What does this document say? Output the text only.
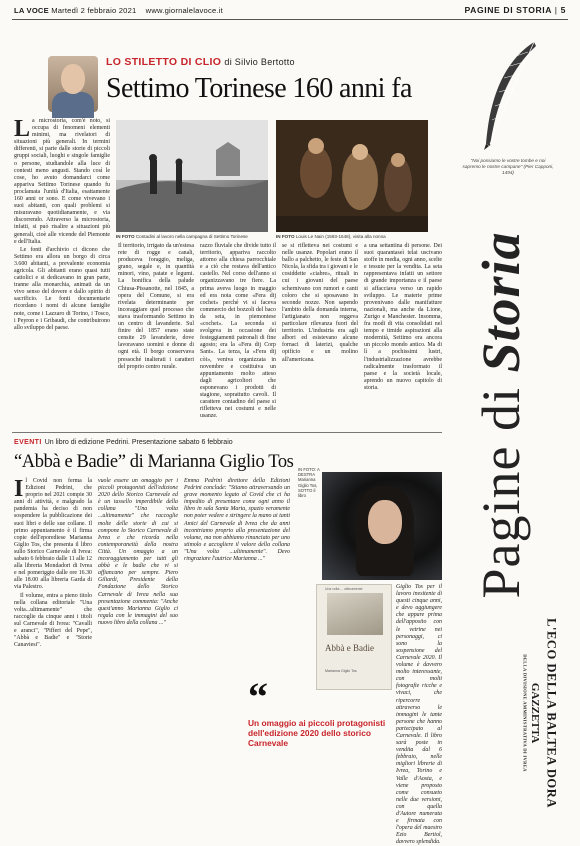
LA VOCE Martedì 2 febbraio 2021 www.giornalelavoce.it	PAGINE DI STORIA | 5
LO STILETTO DI CLIO di Silvio Bertotto
Settimo Torinese 160 anni fa

La microstoria, com'è noto, si occupa di fenomeni elementi minimi, ma rivelatori di situazioni più generali. In termini differenti, si parte dalle storie di piccoli gruppi sociali, luoghi e singole famiglie o persone, studiandole alla luce di contesti meno angusti. Stando così le cose, ho avuto domandarci come appariva Settimo Torinese quando fu proclamata l'unità d'Italia, esattamente 160 anni or sono. E come vivevano i suoi abitanti, con quali problemi si misuravano quotidianamente, e via discorrendo. Attraverso la microstoria, infatti, si può risalire a situazioni più generali, cioè alle vicende del Piemonte e dell'Italia.

Le fonti d'archivio ci dicono che Settimo era allora un borgo di circa 3.600 abitanti, a prevalente economia agricola. Gli abitanti erano quasi tutti cattolici e si dedicavano in gran parte, tranne alla monarchia, animati da un vivo senso del dovere e dallo spirito di sacrificio. Le fonti documentarie ricordano i nomi di alcune famiglie note, come i Lazzaro di Torino, i Tosco, i Peyron e i Gribaudi, che contribuirono allo sviluppo del paese.

IN FOTO Contadini al lavoro nella campagna di Settimo Torinese	IN FOTO Louis Le Nain (1593-1648), visita alla nonna

Il territorio, irrigato da un'estesa rete di rogge e canali, produceva foraggio, meliga, grano, segale e, in quantità minori, vino, patate e legumi. La bonifica della palude Chiusa-Pissanotte, nel 1845, a opera del Comune, si era rivelata determinante per incoraggiare quel processo che stava trasformando Settimo in un centro di lavanderie. Sul finire del 1857 erano state censite 29 lavanderie, dove lavoravano uomini e donne di ogni età. Il borgo conservava pressoché inalterati i caratteri del proprio centro rurale.

razzo fluviale che divide tutto il territorio, appariva raccolto attorno alla chiesa parrocchiale e a ciò che restava dell'antico castello. Nel corso dell'anno si organizzavano tre fiere. La prima aveva luogo in maggio ed era nota come «Fera dij cochet» perché vi si faceva commercio dei bozzoli del baco da seta, in piemontese «cochet». La seconda si svolgeva in occasione dei festeggiamenti patronali di fine agosto; era la «Fera dij Corp Sant». La terza, la «Fera dij còi», veniva organizzata in novembre e costituiva un appuntamento molto atteso dagli agricoltori che esponevano i prodotti di stagione, soprattutto cavoli. Il carattere contadino del paese si rifletteva nei costumi e nelle usanze.

se si rifletteva nei costumi e nelle usanze. Popolari erano il ballo a palchetto, le feste di San Nicola, la sfida tra i giovani e le cosiddette «ciabre», rituali in cui i giovani del paese schernivano con rumori e canti coloro che si sposavano in seconde nozze. Non sapendo l'ambito della domanda interna, l'artigianato non reggeva particolare rilevanza fuori del territorio. L'industria era agli albori ed esistevano alcune fornaci di laterizi, qualche opificio e un molino all'americana.

a una settantina di persone. Dei suoi quarantaseì telai uscivano stoffe in media, ogni anno, scelte e tessute per la vendita. La seta rappresentava infatti un settore di grande importanza e il paese si affacciava verso un rapido sviluppo. Le materie prime provenivano dalle manifatture nazionali, ma anche da Lione, Zurigo e Manchester. Insomma, fra modi di vita consolidati nel tempo e timide aspirazioni alla modernità, Settimo era ancora un piccolo mondo antico. Ma di lì a pochissimi lustri, l'industrializzazione avrebbe radicalmente trasformato il paese e la società locale, aprendo un nuovo capitolo di storia.

"Noi possiamo le vostre tombe e noi sapremo le nostre campane" (Pier Capponi, 1494)
Pagine di Storia
L'ECO DELLA BALTEA DORA
GAZZETTA
DELLA DIVISIONE AMMINISTRATIVA DI IVREA
EVENTI Un libro di edizione Pedrini. Presentazione sabato 6 febbraio
“Abbà e Badie” di Marianna Giglio Tos

Il Covid non ferma la Edizioni Pedrini, che proprio nel 2021 compie 30 anni di attività, e malgrado la pandemia ha deciso di non sospendere la pubblicazione dei suoi libri e delle sue collane. Il primo appuntamento è il firma copie dell'eporediese Marianna Giglio Tos, che presenta il libro sullo Storico Carnevale di Ivrea: sabato 6 febbraio dalle 11 alle 12 alla libreria Mondadori di Ivrea e nel pomeriggio dalle ore 16.30 alle 18.00 alla libreria Garda di via Palestro.

Il volume, entra a pieno titolo nella collana editoriale "Una volta...ultimamente" che raccoglie da cinque anni i titoli sul Carnevale di Ivrea: "Cavalli e aranci", "Pifferi del Pepe", "Abbà e Badie" e "Storie Canaviesi".

vuole essere un omaggio per i piccoli protagonisti dell'edizione 2020 dello Storico Carnevale ed è un tassello imperdibile della collana "Una volta ...ultimamente" che raccoglie molte delle storie di cui si compone lo Storico Carnevale di Ivrea e che ricorda nella contemporaneità della nostra Città. Un omaggio a un incoraggiamento per tutti gli abbà e le badie che vi si affiancano per sempre. Piero Giliardi, Presidente della Fondazione dello Storico Carnevale di Ivrea nella sua presentazione commenta: "Anche quest'anno Marianna Giglio ci regala con le immagini del suo nuovo libro della collana ..."

Emma Pedrini direttore della Edizioni Pedrini conclude: "Stiamo attraversando un grave momento legato al Covid che ci ha impedito di presentare come ogni anno il libro in sala Santa Marta, spazio veramente non poter vedere e stringere la mano ai tanti Amici del Carnevale di Ivrea che da anni incontriamo proprio alla presentazione del volume, ma non abbiamo rinunciato per uno stimolo e accogliere il valore della collana "Una volta ...ultimamente". Devo ringraziare l'autrice Marianna ..."

Giglio Tos per il lavoro inesitente di questi cinque anni, e devo aggiungere che appare prima dell'apposito con le vetrine nei personaggi, ci sono la sospensione del Carnevale 2020. Il volume è davvero molto interessante, con molti fotografie ricche e vivaci, che ripercorre attraverso le immagini le tante persone che hanno partecipato al Carnevale. Il libro sarà poste in vendita dal 6 febbraio, nelle migliori librerie di Ivrea, Torino e Valle d'Aosta, e viene proposto come consueto nelle due versioni, con quella d'Autore numerata e firmata con l'opera del maestro Ezio Bertiol, davvero splendida.

IN FOTO: A DESTRA Marianna Giglio Tos, SOTTO il libro
Una volta ... ultimamente
Abbà e Badie
Marianna Giglio Tos
“
Un omaggio ai piccoli protagonisti dell'edizione 2020 dello storico Carnevale
